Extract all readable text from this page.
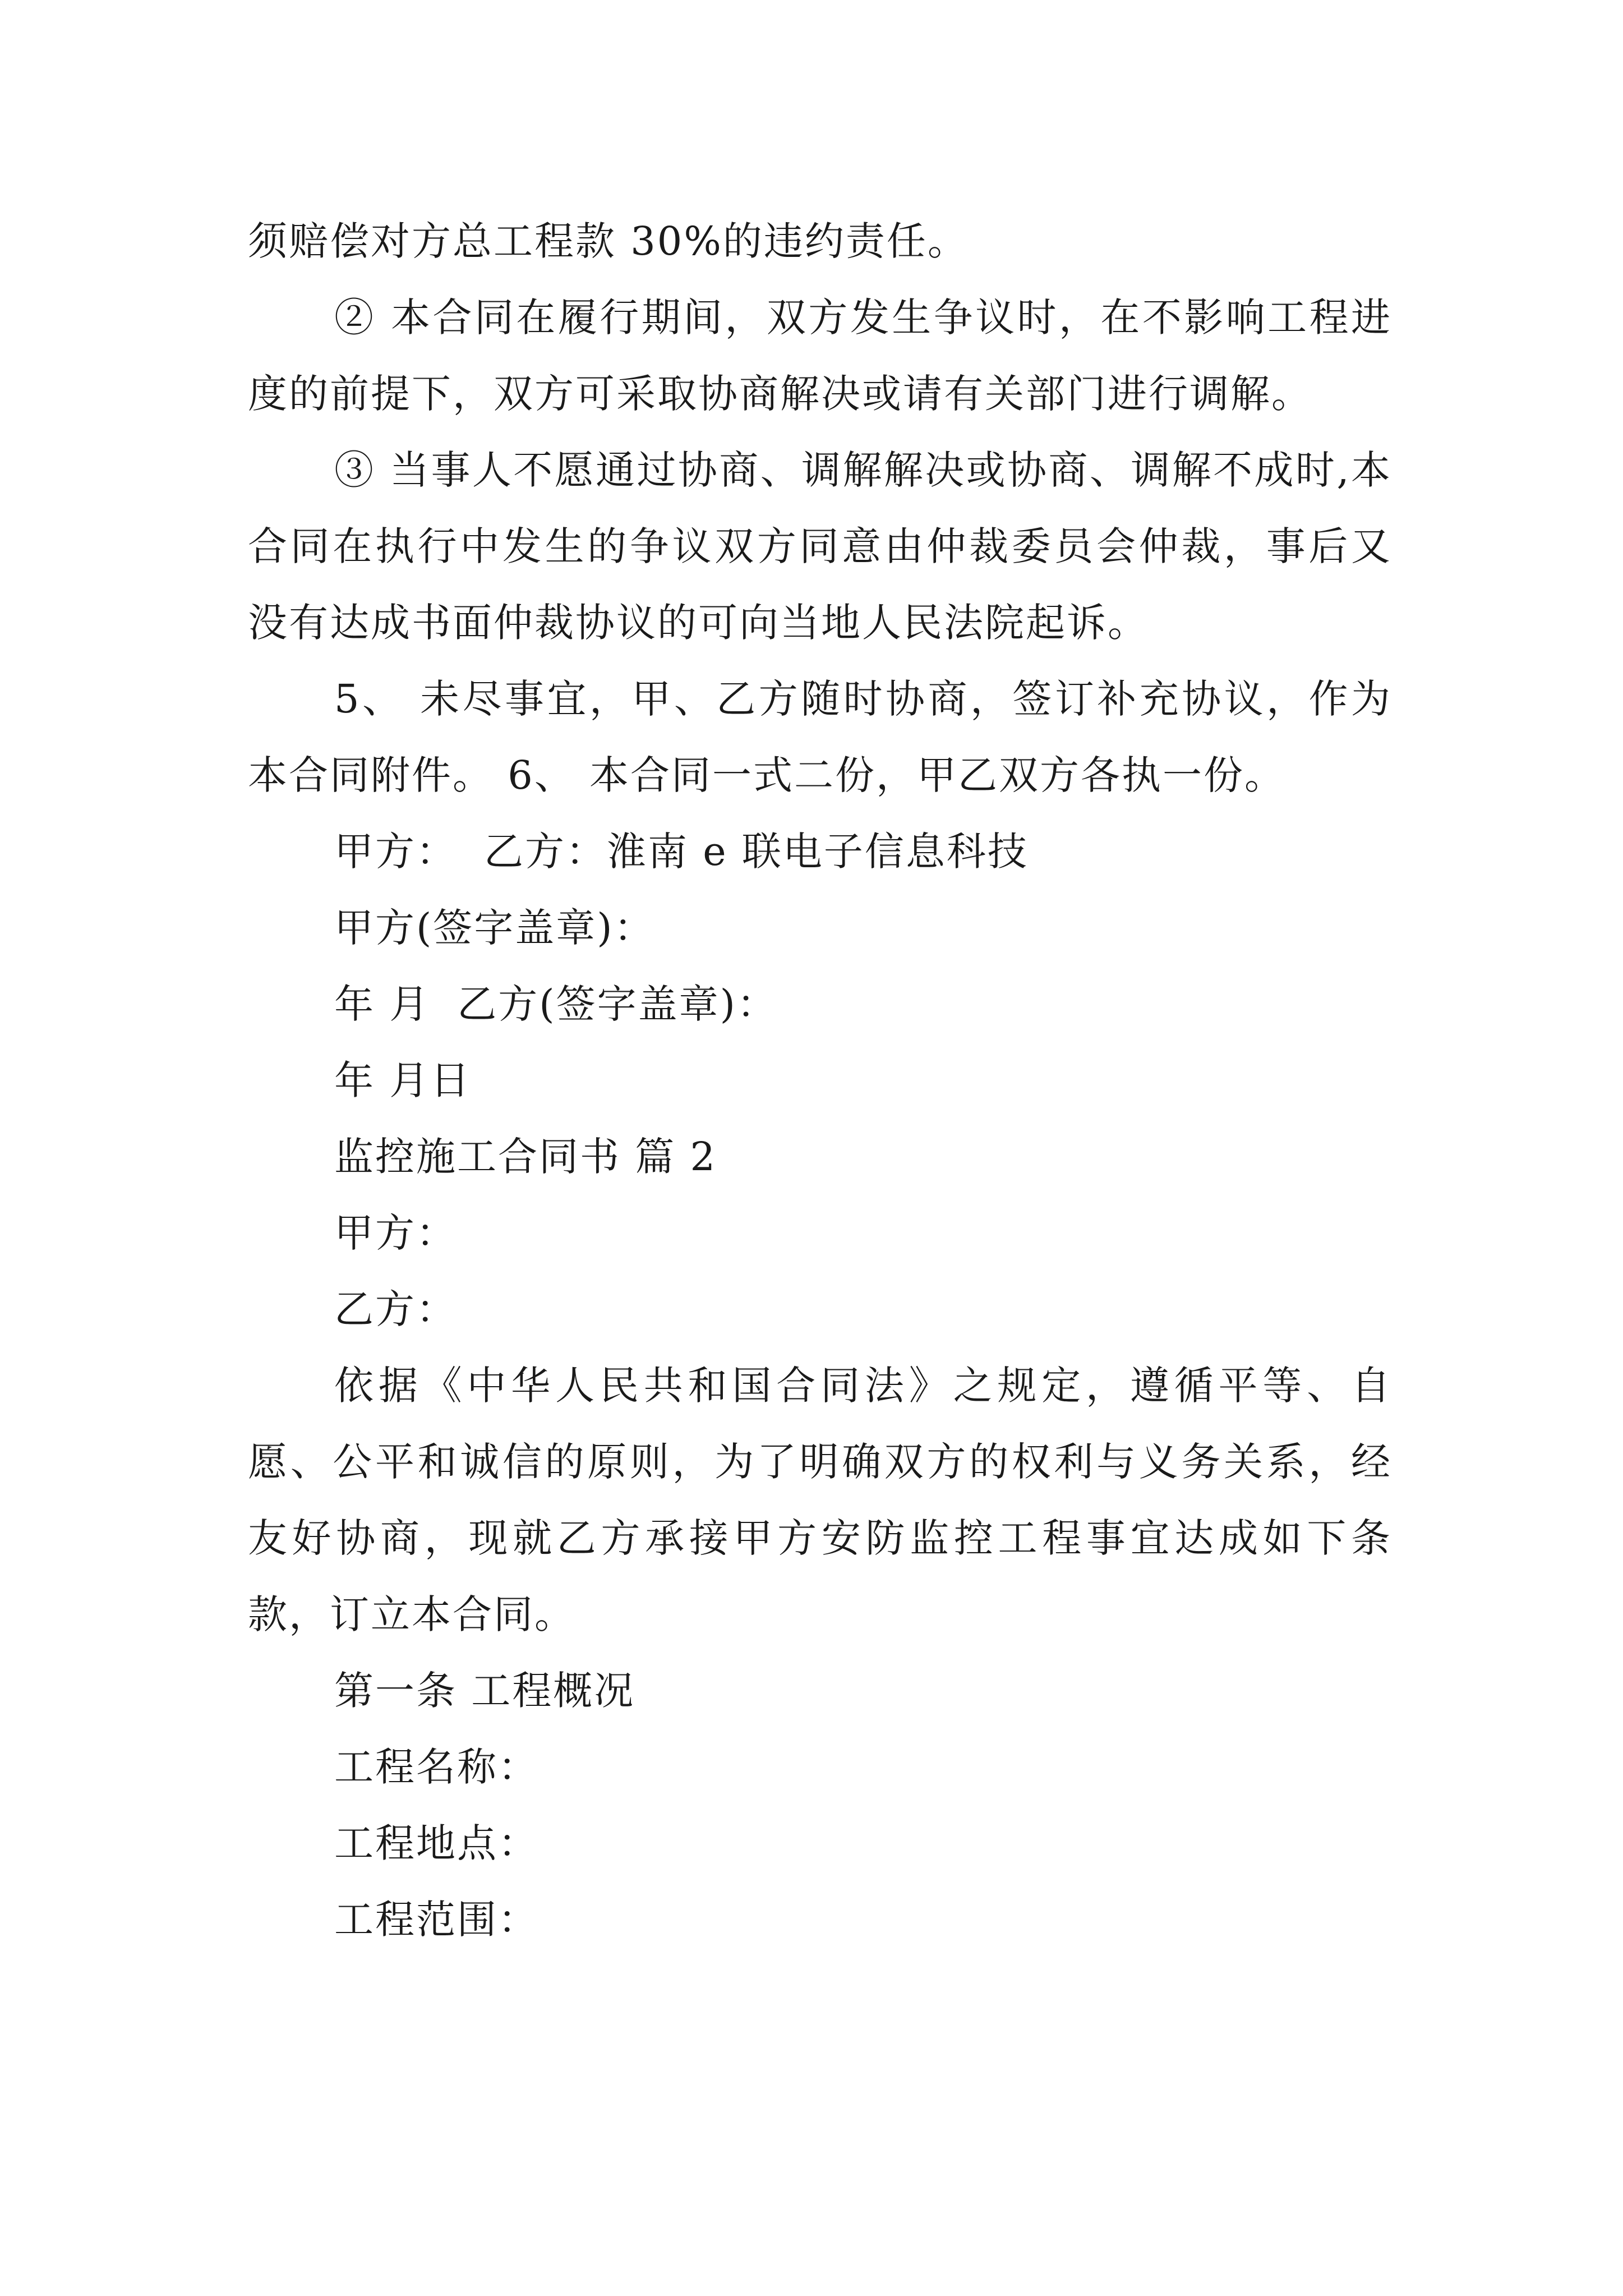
须赔偿对方总工程款 30%的违约责任。

② 本合同在履行期间，双方发生争议时，在不影响工程进度的前提下，双方可采取协商解决或请有关部门进行调解。

③ 当事人不愿通过协商、调解解决或协商、调解不成时,本合同在执行中发生的争议双方同意由仲裁委员会仲裁，事后又没有达成书面仲裁协议的可向当地人民法院起诉。

5、 未尽事宜，甲、乙方随时协商，签订补充协议，作为本合同附件。 6、 本合同一式二份，甲乙双方各执一份。

甲方： 乙方：淮南 e 联电子信息科技

甲方(签字盖章)：

年 月 乙方(签字盖章)：

年 月日

监控施工合同书 篇 2

甲方：

乙方：

依据《中华人民共和国合同法》之规定，遵循平等、自愿、公平和诚信的原则，为了明确双方的权利与义务关系，经友好协商，现就乙方承接甲方安防监控工程事宜达成如下条款，订立本合同。

第一条 工程概况

工程名称：

工程地点：

工程范围：
